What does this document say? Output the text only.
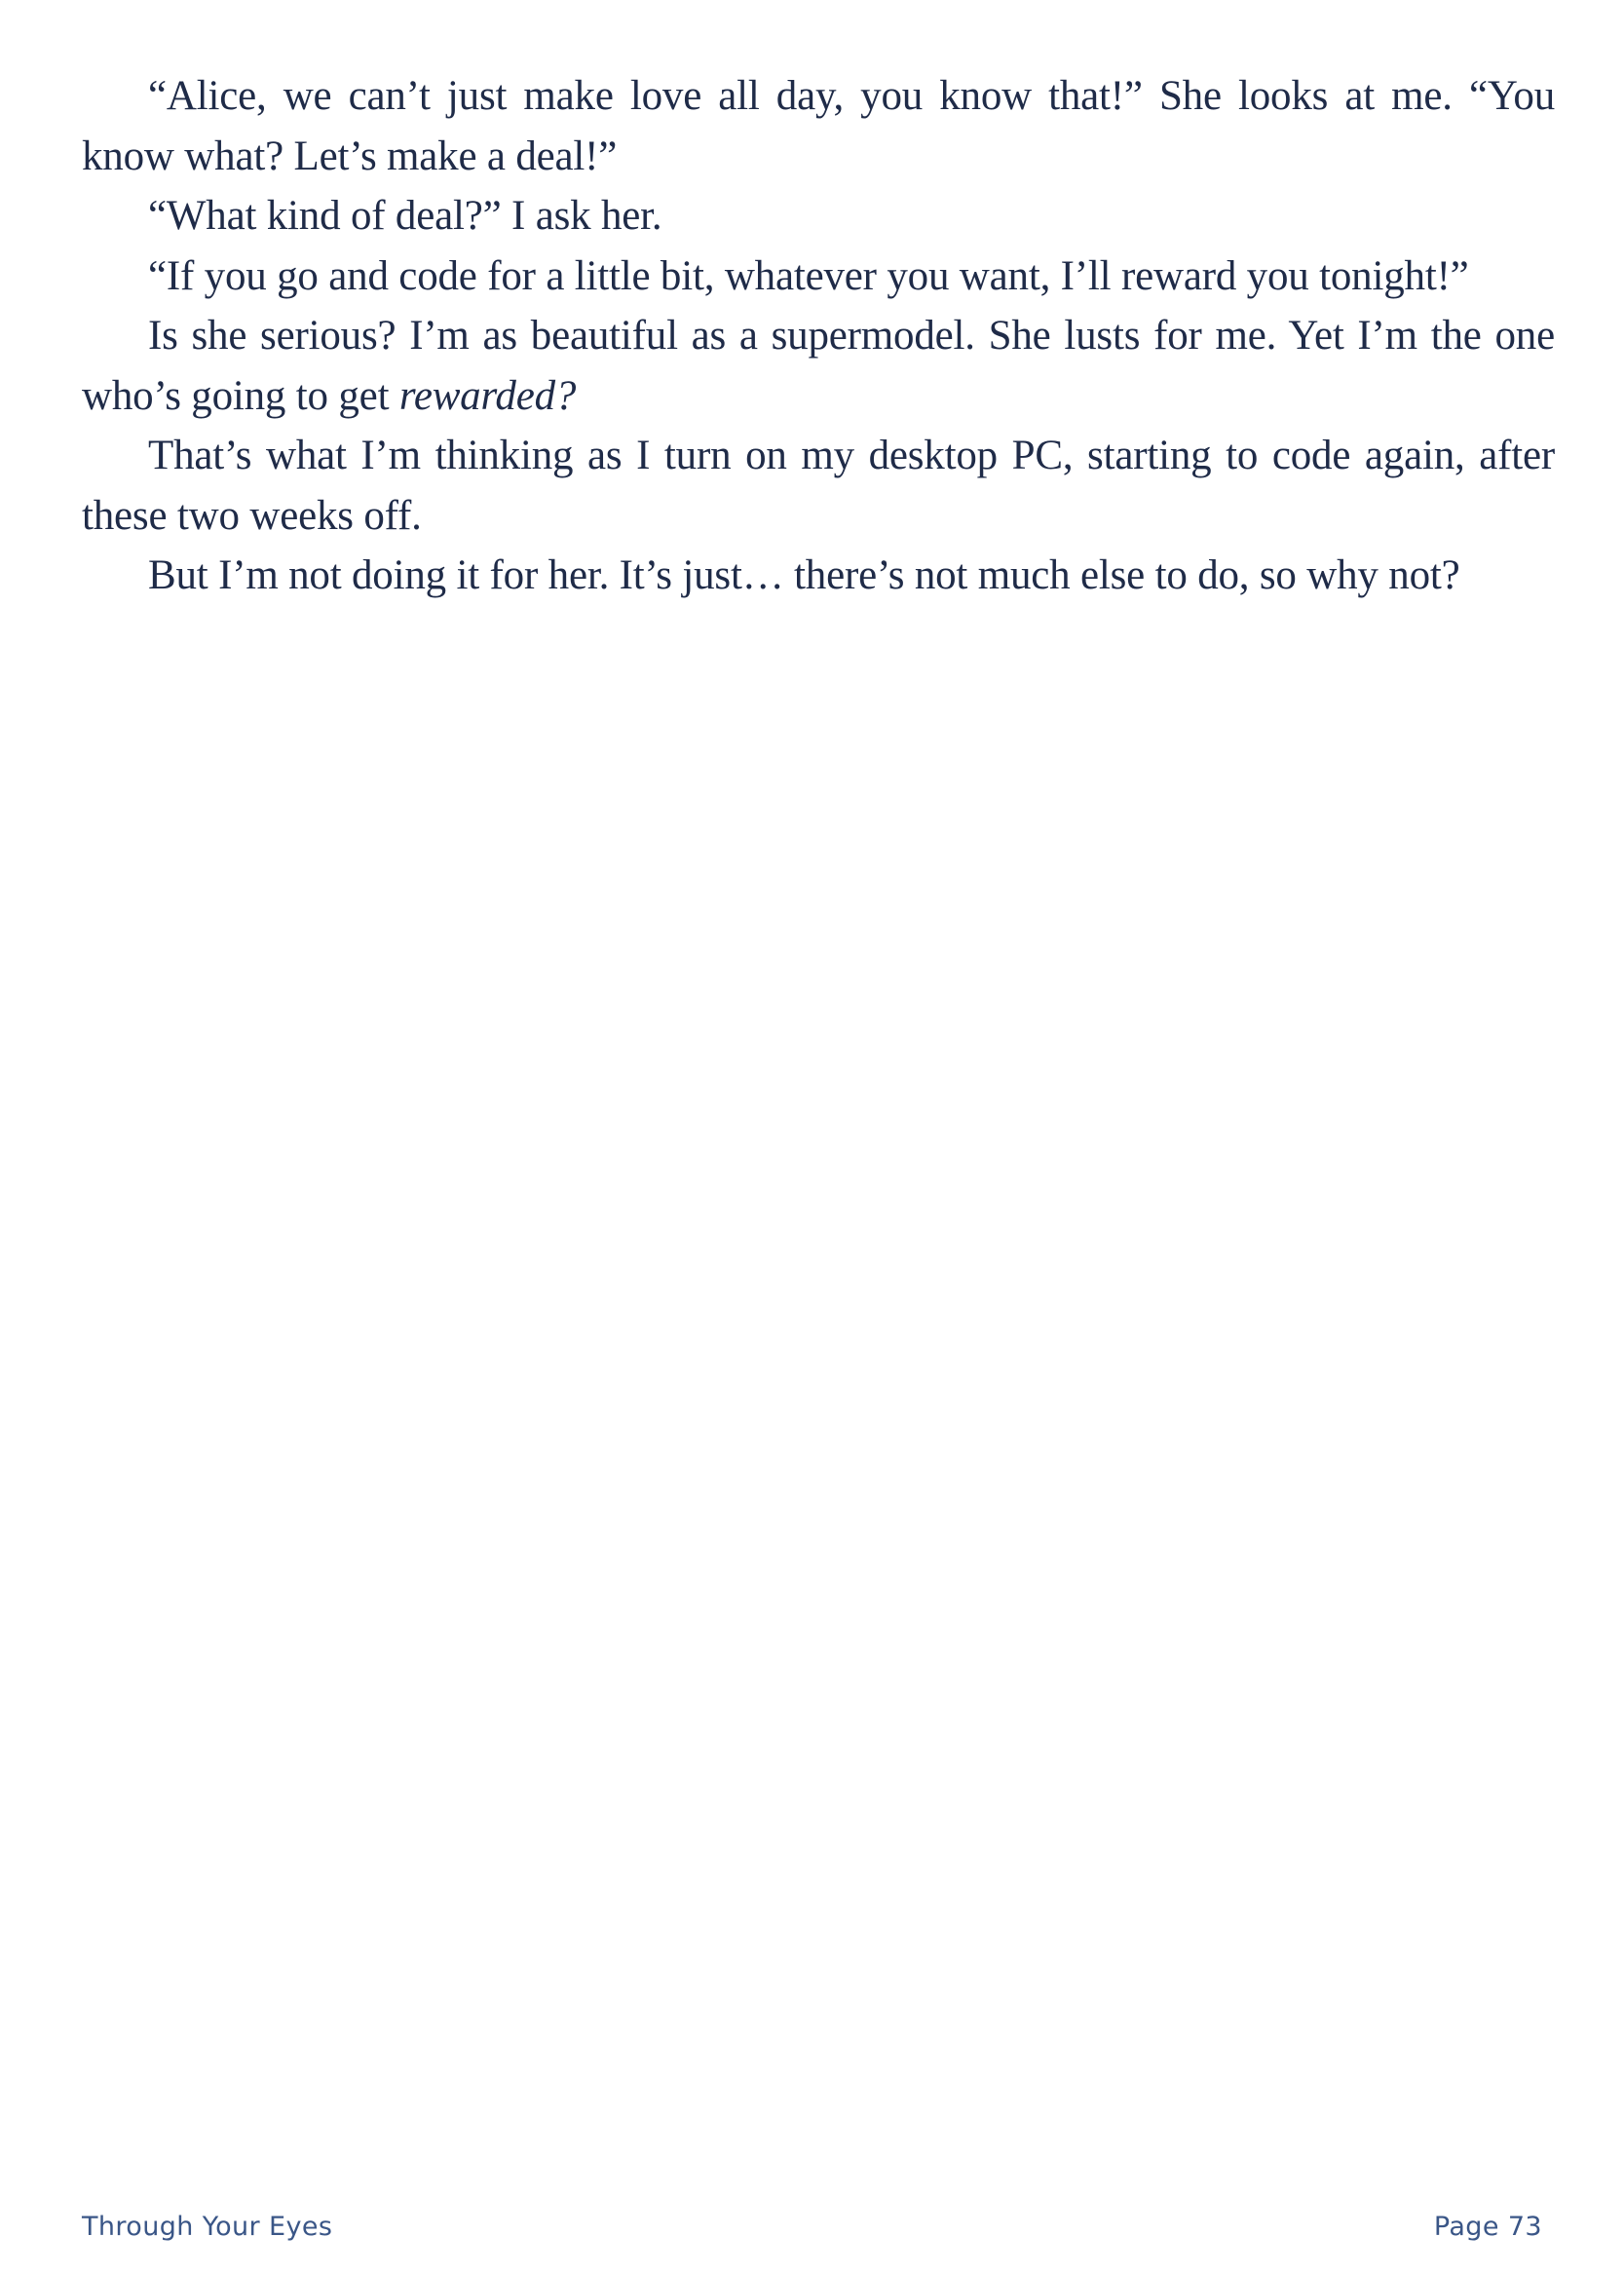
“Alice, we can’t just make love all day, you know that!” She looks at me. “You know what? Let’s make a deal!”

“What kind of deal?” I ask her.

“If you go and code for a little bit, whatever you want, I’ll reward you tonight!”

Is she serious? I’m as beautiful as a supermodel. She lusts for me. Yet I’m the one who’s going to get rewarded?

That’s what I’m thinking as I turn on my desktop PC, starting to code again, after these two weeks off.

But I’m not doing it for her. It’s just… there’s not much else to do, so why not?

Through Your Eyes	Page 73
